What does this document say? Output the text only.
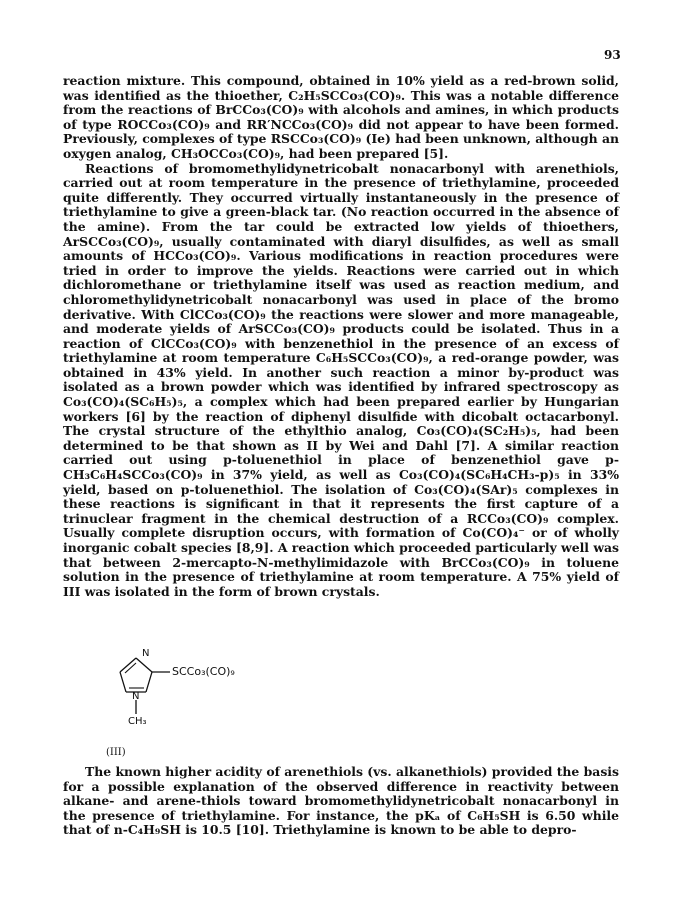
93

reaction mixture. This compound, obtained in 10% yield as a red-brown solid, was identified as the thioether, C₂H₅SCCo₃(CO)₉. This was a notable difference from the reactions of BrCCo₃(CO)₉ with alcohols and amines, in which products of type ROCCo₃(CO)₉ and RR′NCCo₃(CO)₉ did not appear to have been formed. Previously, complexes of type RSCCo₃(CO)₉ (Ie) had been unknown, although an oxygen analog, CH₃OCCo₃(CO)₉, had been prepared [5].

Reactions of bromomethylidynetricobalt nonacarbonyl with arenethiols, carried out at room temperature in the presence of triethylamine, proceeded quite differently. They occurred virtually instantaneously in the presence of triethylamine to give a green-black tar. (No reaction occurred in the absence of the amine). From the tar could be extracted low yields of thioethers, ArSCCo₃(CO)₉, usually contaminated with diaryl disulfides, as well as small amounts of HCCo₃(CO)₉. Various modifications in reaction procedures were tried in order to improve the yields. Reactions were carried out in which dichloromethane or triethylamine itself was used as reaction medium, and chloromethylidynetricobalt nonacarbonyl was used in place of the bromo derivative. With ClCCo₃(CO)₉ the reactions were slower and more manageable, and moderate yields of ArSCCo₃(CO)₉ products could be isolated. Thus in a reaction of ClCCo₃(CO)₉ with benzenethiol in the presence of an excess of triethylamine at room temperature C₆H₅SCCo₃(CO)₉, a red-orange powder, was obtained in 43% yield. In another such reaction a minor by-product was isolated as a brown powder which was identified by infrared spectroscopy as Co₃(CO)₄(SC₆H₅)₅, a complex which had been prepared earlier by Hungarian workers [6] by the reaction of diphenyl disulfide with dicobalt octacarbonyl. The crystal structure of the ethylthio analog, Co₃(CO)₄(SC₂H₅)₅, had been determined to be that shown as II by Wei and Dahl [7]. A similar reaction carried out using p-toluenethiol in place of benzenethiol gave p-CH₃C₆H₄SCCo₃(CO)₉ in 37% yield, as well as Co₃(CO)₄(SC₆H₄CH₃-p)₅ in 33% yield, based on p-toluenethiol. The isolation of Co₃(CO)₄(SAr)₅ complexes in these reactions is significant in that it represents the first capture of a trinuclear fragment in the chemical destruction of a RCCo₃(CO)₉ complex. Usually complete disruption occurs, with formation of Co(CO)₄⁻ or of wholly inorganic cobalt species [8,9]. A reaction which proceeded particularly well was that between 2-mercapto-N-methylimidazole with BrCCo₃(CO)₉ in toluene solution in the presence of triethylamine at room temperature. A 75% yield of III was isolated in the form of brown crystals.

N
SCCo₃(CO)₉
N
CH₃
(III)

The known higher acidity of arenethiols (vs. alkanethiols) provided the basis for a possible explanation of the observed difference in reactivity between alkane- and arene-thiols toward bromomethylidynetricobalt nonacarbonyl in the presence of triethylamine. For instance, the pKₐ of C₆H₅SH is 6.50 while that of n-C₄H₉SH is 10.5 [10]. Triethylamine is known to be able to depro-
